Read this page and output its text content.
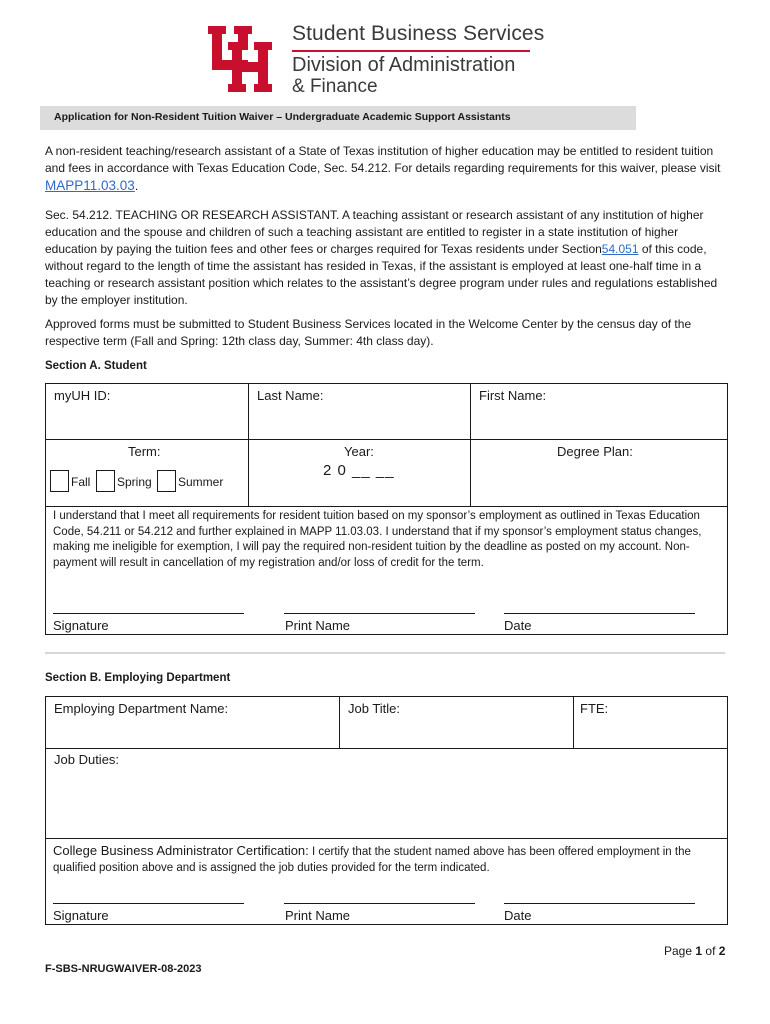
Student Business Services
Division of Administration
& Finance
Application for Non-Resident Tuition Waiver – Undergraduate Academic Support Assistants
A non-resident teaching/research assistant of a State of Texas institution of higher education may be entitled to resident tuition and fees in accordance with Texas Education Code, Sec. 54.212. For details regarding requirements for this waiver, please visit MAPP11.03.03.
Sec. 54.212. TEACHING OR RESEARCH ASSISTANT. A teaching assistant or research assistant of any institution of higher education and the spouse and children of such a teaching assistant are entitled to register in a state institution of higher education by paying the tuition fees and other fees or charges required for Texas residents under Section54.051 of this code, without regard to the length of time the assistant has resided in Texas, if the assistant is employed at least one-half time in a teaching or research assistant position which relates to the assistant’s degree program under rules and regulations established by the employer institution.
Approved forms must be submitted to Student Business Services located in the Welcome Center by the census day of the respective term (Fall and Spring: 12th class day, Summer: 4th class day).
Section A. Student
myUH ID:	Last Name:	First Name:
Term:
Fall Spring Summer
Year:
2 0 __ __
Degree Plan:
I understand that I meet all requirements for resident tuition based on my sponsor’s employment as outlined in Texas Education Code, 54.211 or 54.212 and further explained in MAPP 11.03.03. I understand that if my sponsor’s employment status changes, making me ineligible for exemption, I will pay the required non-resident tuition by the deadline as posted on my account. Non-payment will result in cancellation of my registration and/or loss of credit for the term.
Signature	Print Name	Date
Section B. Employing Department
Employing Department Name:	Job Title:	FTE:
Job Duties:
College Business Administrator Certification: I certify that the student named above has been offered employment in the qualified position above and is assigned the job duties provided for the term indicated.
Signature	Print Name	Date
Page 1 of 2
F-SBS-NRUGWAIVER-08-2023
